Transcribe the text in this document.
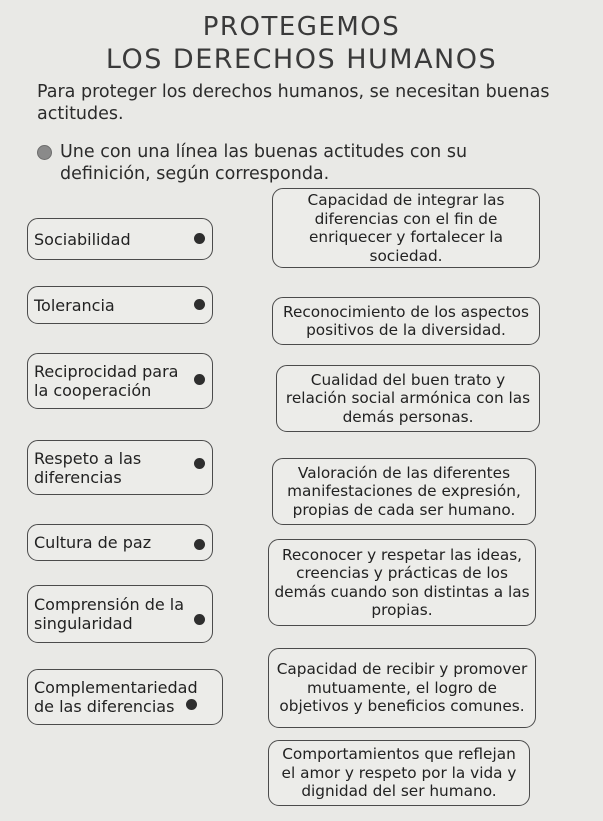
PROTEGEMOS
LOS DERECHOS HUMANOS
Para proteger los derechos humanos, se necesitan buenas actitudes.
Une con una línea las buenas actitudes con su definición, según corresponda.
Sociabilidad
Tolerancia
Reciprocidad para la cooperación
Respeto a las diferencias
Cultura de paz
Comprensión de la singularidad
Complementariedad de las diferencias
Capacidad de integrar las diferencias con el fin de enriquecer y fortalecer la sociedad.
Reconocimiento de los aspectos positivos de la diversidad.
Cualidad del buen trato y relación social armónica con las demás personas.
Valoración de las diferentes manifestaciones de expresión, propias de cada ser humano.
Reconocer y respetar las ideas, creencias y prácticas de los demás cuando son distintas a las propias.
Capacidad de recibir y promover mutuamente, el logro de objetivos y beneficios comunes.
Comportamientos que reflejan el amor y respeto por la vida y dignidad del ser humano.
